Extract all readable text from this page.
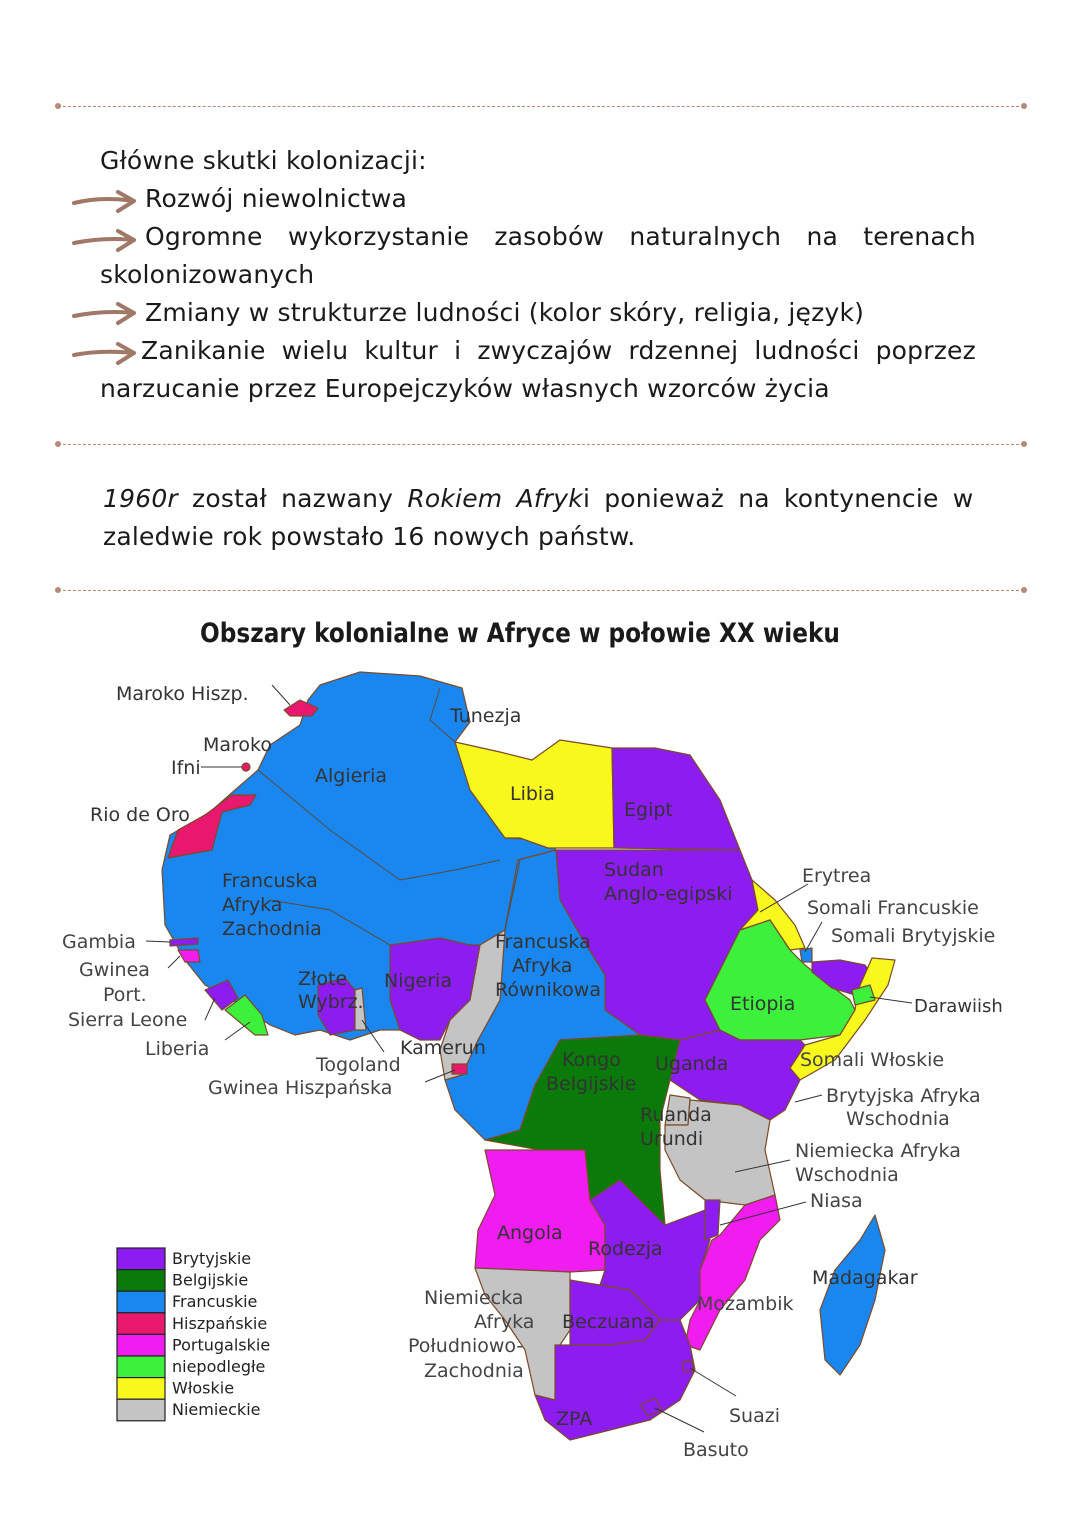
Główne skutki kolonizacji:
Rozwój niewolnictwa
Ogromne wykorzystanie zasobów naturalnych na terenach
skolonizowanych
Zmiany w strukturze ludności (kolor skóry, religia, język)
Zanikanie wielu kultur i zwyczajów rdzennej ludności poprzez
narzucanie przez Europejczyków własnych wzorców życia
1960r został nazwany Rokiem Afryki ponieważ na kontynencie w
zaledwie rok powstało 16 nowych państw.
Obszary kolonialne w Afryce w połowie XX wieku
Maroko Hiszp.
Maroko
Ifni
Rio de Oro
Algieria
Tunezja
Libia
Egipt
Sudan
Anglo-egipski
Erytrea
Somali Francuskie
Somali Brytyjskie
Darawiish
Francuska
Afryka
Zachodnia
Gambia
Gwinea
Port.
Sierra Leone
Liberia
Złote
Wybrz.
Nigeria
Francuska
Afryka
Równikowa
Etiopia
Kamerun
Togoland
Gwinea Hiszpańska
Kongo
Belgijskie
Uganda	Somali Włoskie
Brytyjska Afryka
Wschodnia
Ruanda
Urundi
Niemiecka Afryka
Wschodnia
Niasa
Angola
Rodezja
Madagakar
Niemiecka
Afryka
Południowo-
Zachodnia
Beczuana
Mozambik
ZPA	Suazi
Basuto
Brytyjskie
Belgijskie
Francuskie
Hiszpańskie
Portugalskie
niepodległe
Włoskie
Niemieckie
